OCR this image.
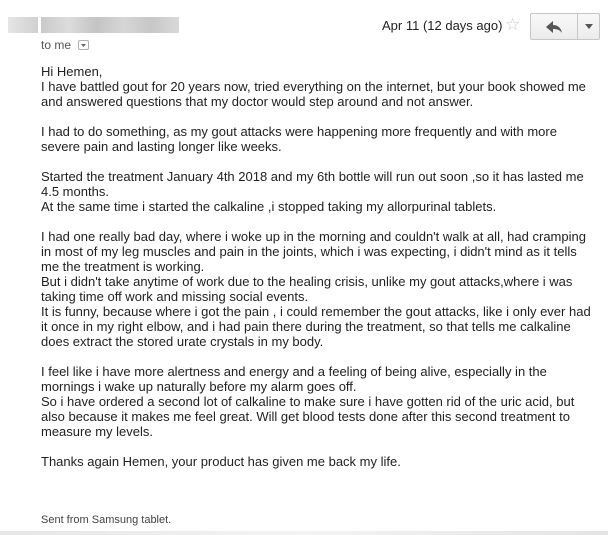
Apr 11 (12 days ago) ☆
to me
Hi Hemen,
I have battled gout for 20 years now, tried everything on the internet, but your book showed me
and answered questions that my doctor would step around and not answer.
I had to do something, as my gout attacks were happening more frequently and with more
severe pain and lasting longer like weeks.
Started the treatment January 4th 2018 and my 6th bottle will run out soon ,so it has lasted me
4.5 months.
At the same time i started the calkaline ,i stopped taking my allorpurinal tablets.
I had one really bad day, where i woke up in the morning and couldn't walk at all, had cramping
in most of my leg muscles and pain in the joints, which i was expecting, i didn't mind as it tells
me the treatment is working.
But i didn't take anytime of work due to the healing crisis, unlike my gout attacks,where i was
taking time off work and missing social events.
It is funny, because where i got the pain , i could remember the gout attacks, like i only ever had
it once in my right elbow, and i had pain there during the treatment, so that tells me calkaline
does extract the stored urate crystals in my body.
I feel like i have more alertness and energy and a feeling of being alive, especially in the
mornings i wake up naturally before my alarm goes off.
So i have ordered a second lot of calkaline to make sure i have gotten rid of the uric acid, but
also because it makes me feel great. Will get blood tests done after this second treatment to
measure my levels.
Thanks again Hemen, your product has given me back my life.
Sent from Samsung tablet.
